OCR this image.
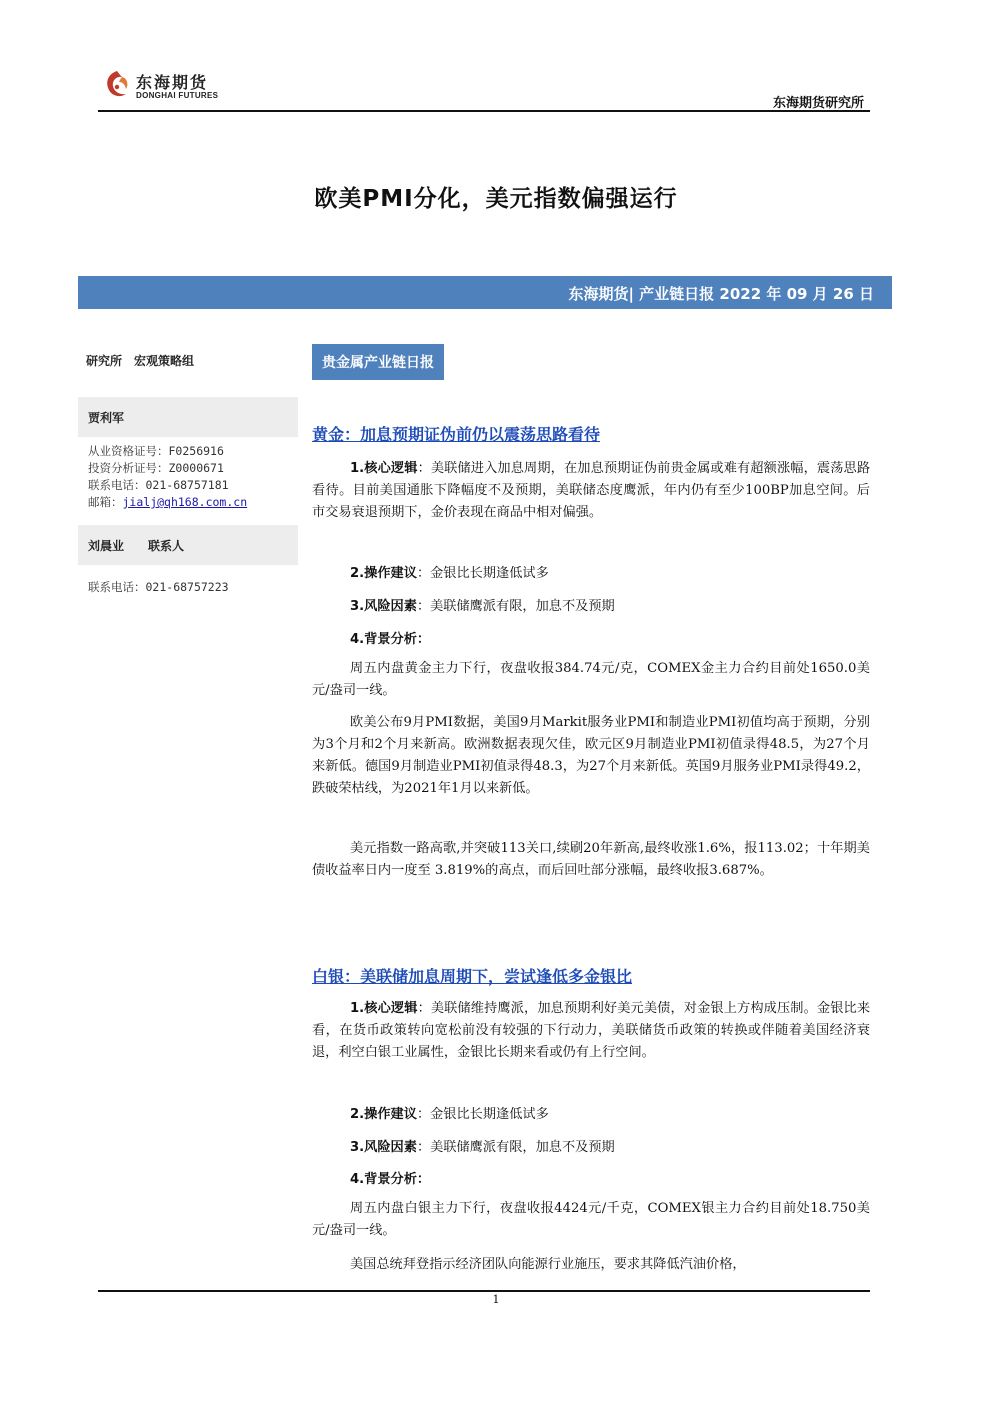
东海期货
DONGHAI FUTURES
东海期货研究所
欧美PMI分化，美元指数偏强运行
东海期货| 产业链日报 2022 年 09 月 26 日
研究所　宏观策略组
贾利军
从业资格证号：F0256916
投资分析证号：Z0000671
联系电话：021-68757181
邮箱：jialj@qh168.com.cn
刘晨业　　联系人
联系电话：021-68757223
贵金属产业链日报
黄金：加息预期证伪前仍以震荡思路看待
1.核心逻辑：美联储进入加息周期，在加息预期证伪前贵金属或难有超额涨幅，震荡思路看待。目前美国通胀下降幅度不及预期，美联储态度鹰派，年内仍有至少100BP加息空间。后市交易衰退预期下，金价表现在商品中相对偏强。
2.操作建议：金银比长期逢低试多
3.风险因素：美联储鹰派有限，加息不及预期
4.背景分析：
周五内盘黄金主力下行，夜盘收报384.74元/克，COMEX金主力合约目前处1650.0美元/盎司一线。
欧美公布9月PMI数据，美国9月Markit服务业PMI和制造业PMI初值均高于预期，分别为3个月和2个月来新高。欧洲数据表现欠佳，欧元区9月制造业PMI初值录得48.5，为27个月来新低。德国9月制造业PMI初值录得48.3，为27个月来新低。英国9月服务业PMI录得49.2，跌破荣枯线，为2021年1月以来新低。
美元指数一路高歌,并突破113关口,续刷20年新高,最终收涨1.6%，报113.02；十年期美债收益率日内一度至 3.819%的高点，而后回吐部分涨幅，最终收报3.687%。
白银：美联储加息周期下，尝试逢低多金银比
1.核心逻辑：美联储维持鹰派，加息预期利好美元美债，对金银上方构成压制。金银比来看，在货币政策转向宽松前没有较强的下行动力，美联储货币政策的转换或伴随着美国经济衰退，利空白银工业属性，金银比长期来看或仍有上行空间。
2.操作建议：金银比长期逢低试多
3.风险因素：美联储鹰派有限，加息不及预期
4.背景分析：
周五内盘白银主力下行，夜盘收报4424元/千克，COMEX银主力合约目前处18.750美元/盎司一线。
美国总统拜登指示经济团队向能源行业施压，要求其降低汽油价格，
1
